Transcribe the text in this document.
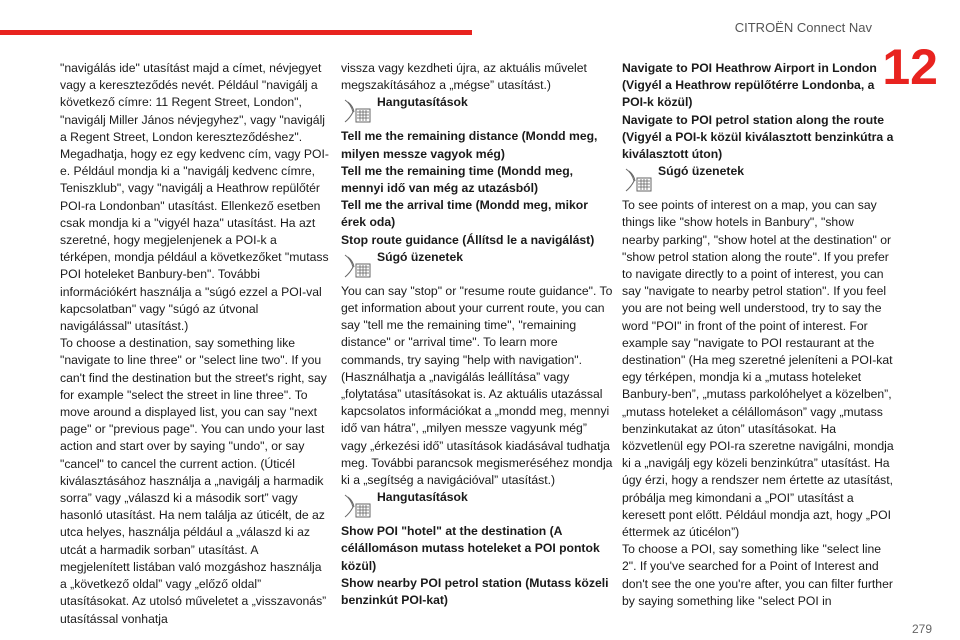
CITROËN Connect Nav
12

"navigálás ide" utasítást majd a címet, névjegyet vagy a kereszteződés nevét. Például "navigálj a következő címre: 11 Regent Street, London", "navigálj Miller János névjegyhez", vagy "navigálj a Regent Street, London kereszteződéshez". Megadhatja, hogy ez egy kedvenc cím, vagy POI-e. Például mondja ki a "navigálj kedvenc címre, Teniszklub", vagy "navigálj a Heathrow repülőtér POI-ra Londonban" utasítást. Ellenkező esetben csak mondja ki a "vigyél haza" utasítást. Ha azt szeretné, hogy megjelenjenek a POI-k a térképen, mondja például a következőket "mutass POI hoteleket Banbury-ben". További információkért használja a "súgó ezzel a POI-val kapcsolatban" vagy "súgó az útvonal navigálással" utasítást.)

To choose a destination, say something like "navigate to line three" or "select line two". If you can't find the destination but the street's right, say for example "select the street in line three". To move around a displayed list, you can say "next page" or "previous page". You can undo your last action and start over by saying "undo", or say "cancel" to cancel the current action. (Úticél kiválasztásához használja a „navigálj a harmadik sorra” vagy „válaszd ki a második sort” vagy hasonló utasítást. Ha nem találja az úticélt, de az utca helyes, használja például a „válaszd ki az utcát a harmadik sorban” utasítást. A megjelenített listában való mozgáshoz használja a „következő oldal” vagy „előző oldal” utasításokat. Az utolsó műveletet a „visszavonás” utasítással vonhatja

vissza vagy kezdheti újra, az aktuális művelet megszakításához a „mégse” utasítást.)

Hangutasítások

Tell me the remaining distance (Mondd meg, milyen messze vagyok még)

Tell me the remaining time (Mondd meg, mennyi idő van még az utazásból)

Tell me the arrival time (Mondd meg, mikor érek oda)

Stop route guidance (Állítsd le a navigálást)

Súgó üzenetek

You can say "stop" or "resume route guidance". To get information about your current route, you can say "tell me the remaining time", "remaining distance" or "arrival time". To learn more commands, try saying "help with navigation". (Használhatja a „navigálás leállítása” vagy „folytatása” utasításokat is. Az aktuális utazással kapcsolatos információkat a „mondd meg, mennyi idő van hátra”, „milyen messze vagyunk még” vagy „érkezési idő” utasítások kiadásával tudhatja meg. További parancsok megismeréséhez mondja ki a „segítség a navigációval” utasítást.)

Hangutasítások

Show POI "hotel" at the destination (A célállomáson mutass hoteleket a POI pontok közül)

Show nearby POI petrol station (Mutass közeli benzinkút POI-kat)

Navigate to POI Heathrow Airport in London (Vigyél a Heathrow repülőtérre Londonba, a POI-k közül)

Navigate to POI petrol station along the route (Vigyél a POI-k közül kiválasztott benzinkútra a kiválasztott úton)

Súgó üzenetek

To see points of interest on a map, you can say things like "show hotels in Banbury", "show nearby parking", "show hotel at the destination" or "show petrol station along the route". If you prefer to navigate directly to a point of interest, you can say "navigate to nearby petrol station". If you feel you are not being well understood, try to say the word "POI" in front of the point of interest. For example say "navigate to POI restaurant at the destination" (Ha meg szeretné jeleníteni a POI-kat egy térképen, mondja ki a „mutass hoteleket Banbury-ben”, „mutass parkolóhelyet a közelben”, „mutass hoteleket a célállomáson” vagy „mutass benzinkutakat az úton” utasításokat. Ha közvetlenül egy POI-ra szeretne navigálni, mondja ki a „navigálj egy közeli benzinkútra” utasítást. Ha úgy érzi, hogy a rendszer nem értette az utasítást, próbálja meg kimondani a „POI” utasítást a keresett pont előtt. Például mondja azt, hogy „POI éttermek az úticélon”)

To choose a POI, say something like "select line 2". If you've searched for a Point of Interest and don't see the one you're after, you can filter further by saying something like "select POI in

279
